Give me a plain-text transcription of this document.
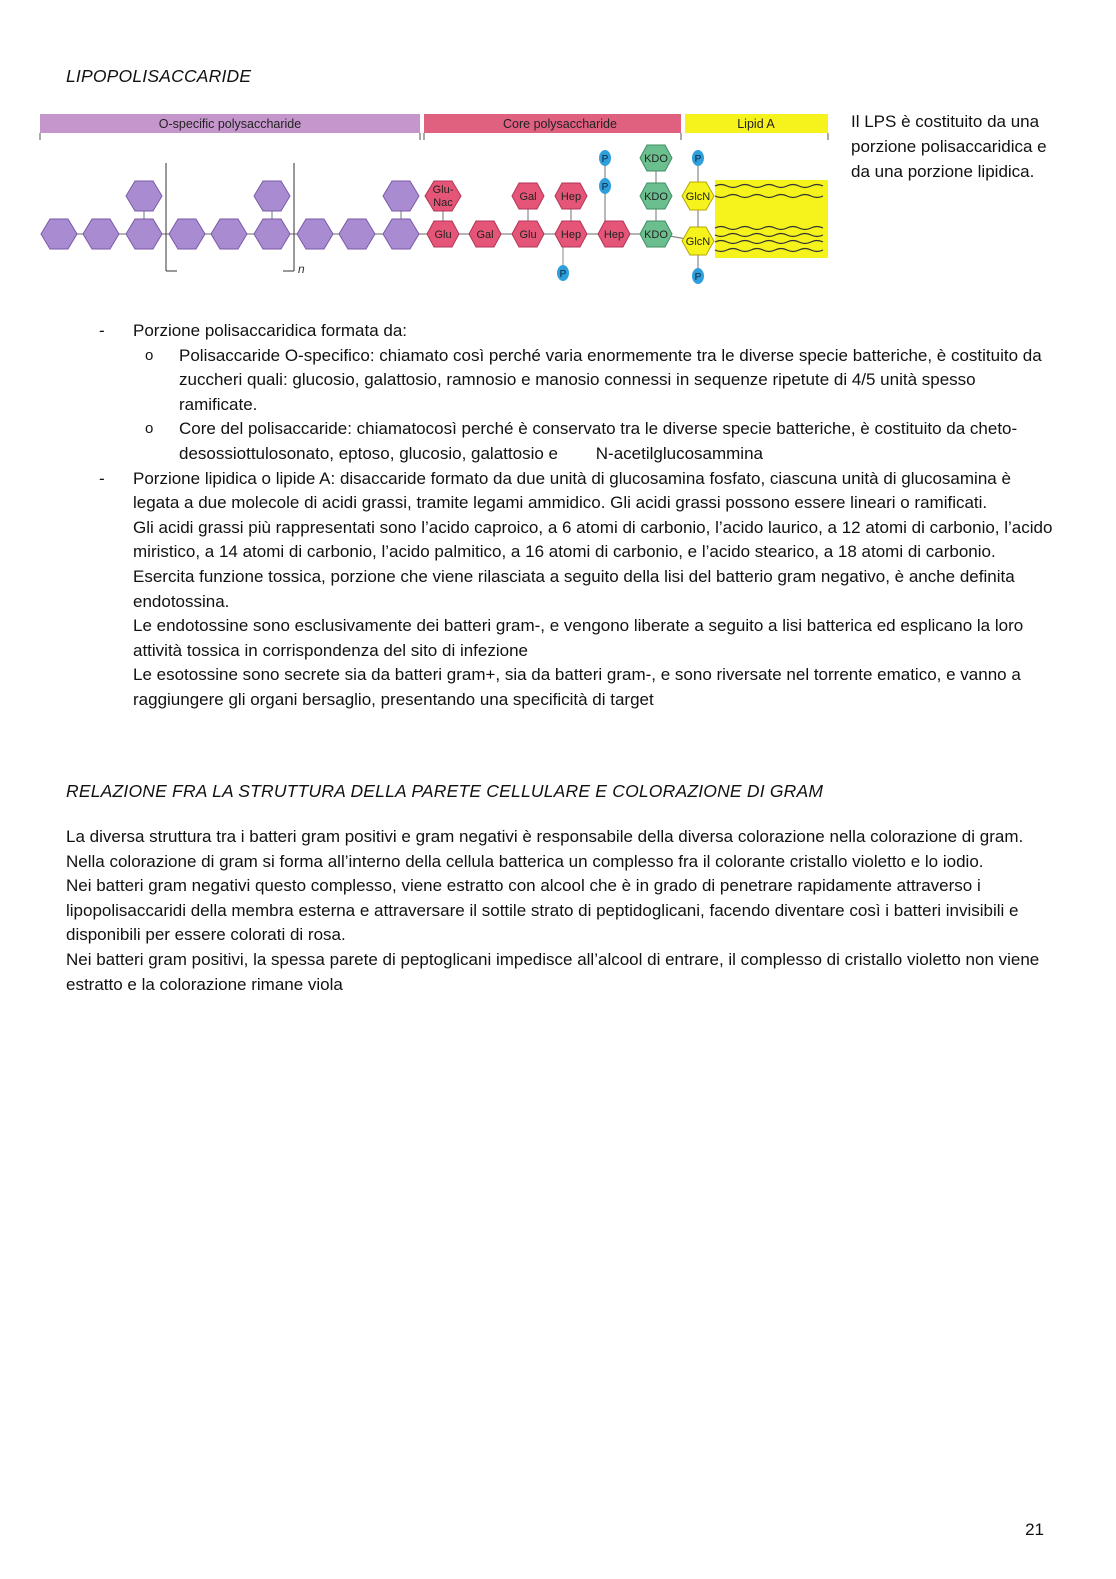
LIPOPOLISACCARIDE
O-specific polysaccharide	Core polysaccharide	Lipid A
n
Glu-
Nac	Gal Hep
Glu Gal Glu Hep Hep
KDO
KDO
KDO
GlcN
GlcN
P
P
P
P	P
Il LPS è costituito da una porzione polisaccaridica e da una porzione lipidica.
- Porzione polisaccaridica formata da:

o Polisaccaride O-specifico: chiamato così perché varia enormemente tra le diverse specie batteriche, è costituito da zuccheri quali: glucosio, galattosio, ramnosio e manosio connessi in sequenze ripetute di 4/5 unità spesso ramificate.

o Core del polisaccaride: chiamatocosì perché è conservato tra le diverse specie batteriche, è costituito da cheto-desossiottulosonato, eptoso, glucosio, galattosio e        N-acetilglucosammina

- Porzione lipidica o lipide A: disaccaride formato da due unità di glucosamina fosfato, ciascuna unità di glucosamina è legata a due molecole di acidi grassi, tramite legami ammidico. Gli acidi grassi possono essere lineari o ramificati.

Gli acidi grassi più rappresentati sono l’acido caproico, a 6 atomi di carbonio, l’acido laurico, a 12 atomi di carbonio, l’acido miristico, a 14 atomi di carbonio, l’acido palmitico, a 16 atomi di carbonio, e l’acido stearico, a 18 atomi di carbonio.

Esercita funzione tossica, porzione che viene rilasciata a seguito della lisi del batterio gram negativo, è anche definita endotossina.

Le endotossine sono esclusivamente dei batteri gram-, e vengono liberate a seguito a lisi batterica ed esplicano la loro attività tossica in corrispondenza del sito di infezione

Le esotossine sono secrete sia da batteri gram+, sia da batteri gram-, e sono riversate nel torrente ematico, e vanno a raggiungere gli organi bersaglio, presentando una specificità di target

RELAZIONE FRA LA STRUTTURA DELLA PARETE CELLULARE E COLORAZIONE DI GRAM

La diversa struttura tra i batteri gram positivi e gram negativi è responsabile della diversa colorazione nella colorazione di gram.

Nella colorazione di gram si forma all’interno della cellula batterica un complesso fra il colorante cristallo violetto e lo iodio.

Nei batteri gram negativi questo complesso, viene estratto con alcool che è in grado di penetrare rapidamente attraverso i lipopolisaccaridi della membra esterna e attraversare il sottile strato di peptidoglicani, facendo diventare così i batteri invisibili e disponibili per essere colorati di rosa.

Nei batteri gram positivi, la spessa parete di peptoglicani impedisce all’alcool di entrare, il complesso di cristallo violetto non viene estratto e la colorazione rimane viola

21
